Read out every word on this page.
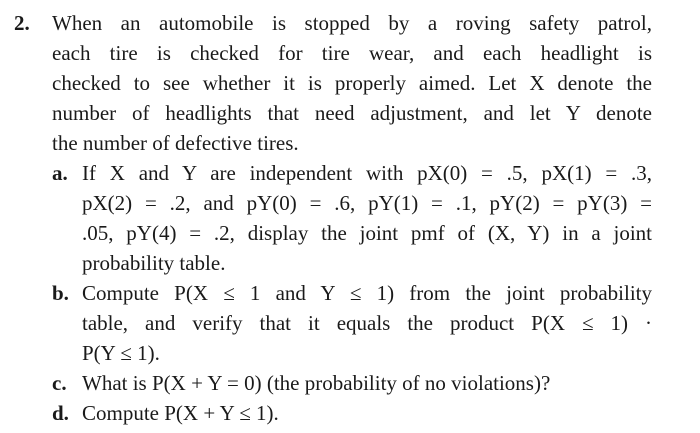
2. When an automobile is stopped by a roving safety patrol,
each tire is checked for tire wear, and each headlight is
checked to see whether it is properly aimed. Let X denote the
number of headlights that need adjustment, and let Y denote
the number of defective tires.
a. If X and Y are independent with pX(0) = .5, pX(1) = .3,
pX(2) = .2, and pY(0) = .6, pY(1) = .1, pY(2) = pY(3) =
.05, pY(4) = .2, display the joint pmf of (X, Y) in a joint
probability table.
b. Compute P(X ≤ 1 and Y ≤ 1) from the joint probability
table, and verify that it equals the product P(X ≤ 1) ·
P(Y ≤ 1).
c. What is P(X + Y = 0) (the probability of no violations)?
d. Compute P(X + Y ≤ 1).
